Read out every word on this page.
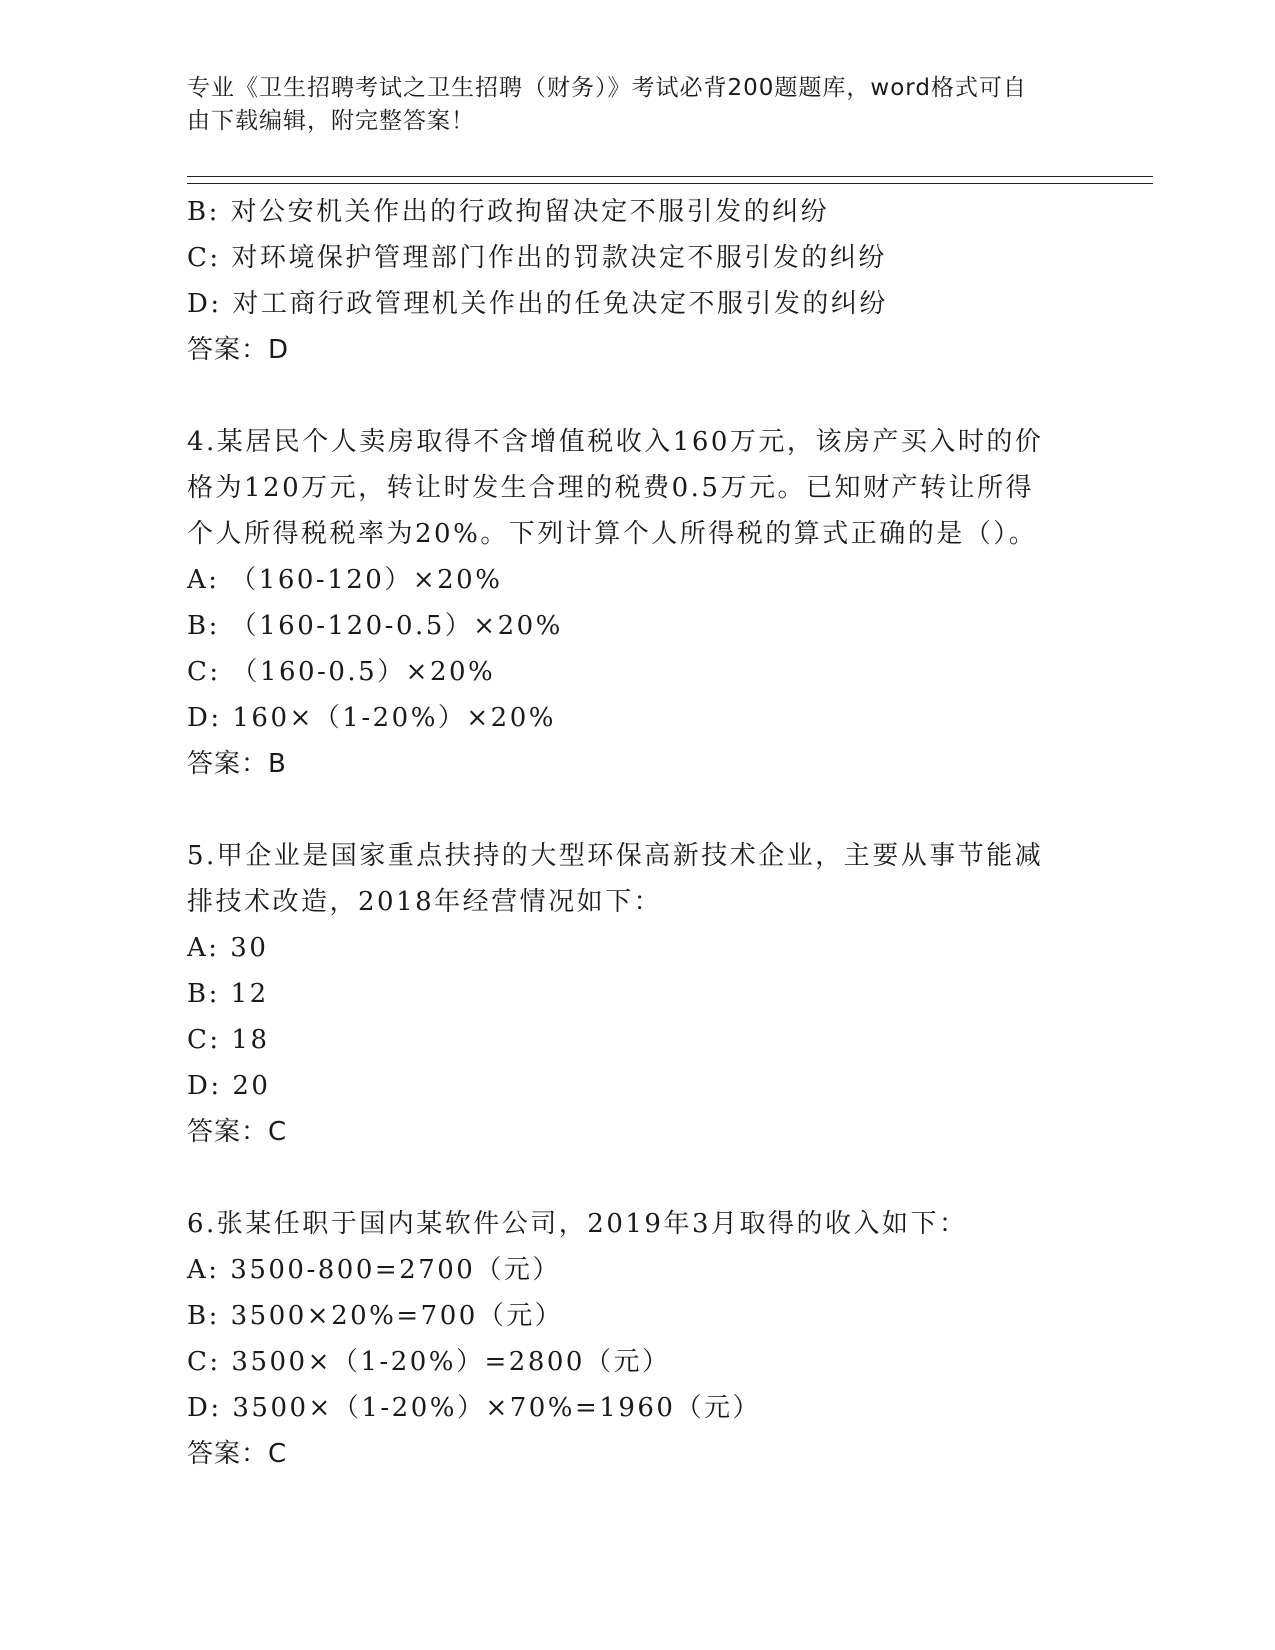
专业《卫生招聘考试之卫生招聘（财务）》考试必背200题题库，word格式可自
由下载编辑，附完整答案！
B: 对公安机关作出的行政拘留决定不服引发的纠纷
C: 对环境保护管理部门作出的罚款决定不服引发的纠纷
D: 对工商行政管理机关作出的任免决定不服引发的纠纷
答案：D
4.某居民个人卖房取得不含增值税收入160万元，该房产买入时的价
格为120万元，转让时发生合理的税费0.5万元。已知财产转让所得
个人所得税税率为20%。下列计算个人所得税的算式正确的是（）。
A: （160-120）×20%
B: （160-120-0.5）×20%
C: （160-0.5）×20%
D: 160×（1-20%）×20%
答案：B
5.甲企业是国家重点扶持的大型环保高新技术企业，主要从事节能减
排技术改造，2018年经营情况如下：
A: 30
B: 12
C: 18
D: 20
答案：C
6.张某任职于国内某软件公司，2019年3月取得的收入如下：
A: 3500-800=2700（元）
B: 3500×20%=700（元）
C: 3500×（1-20%）=2800（元）
D: 3500×（1-20%）×70%=1960（元）
答案：C
